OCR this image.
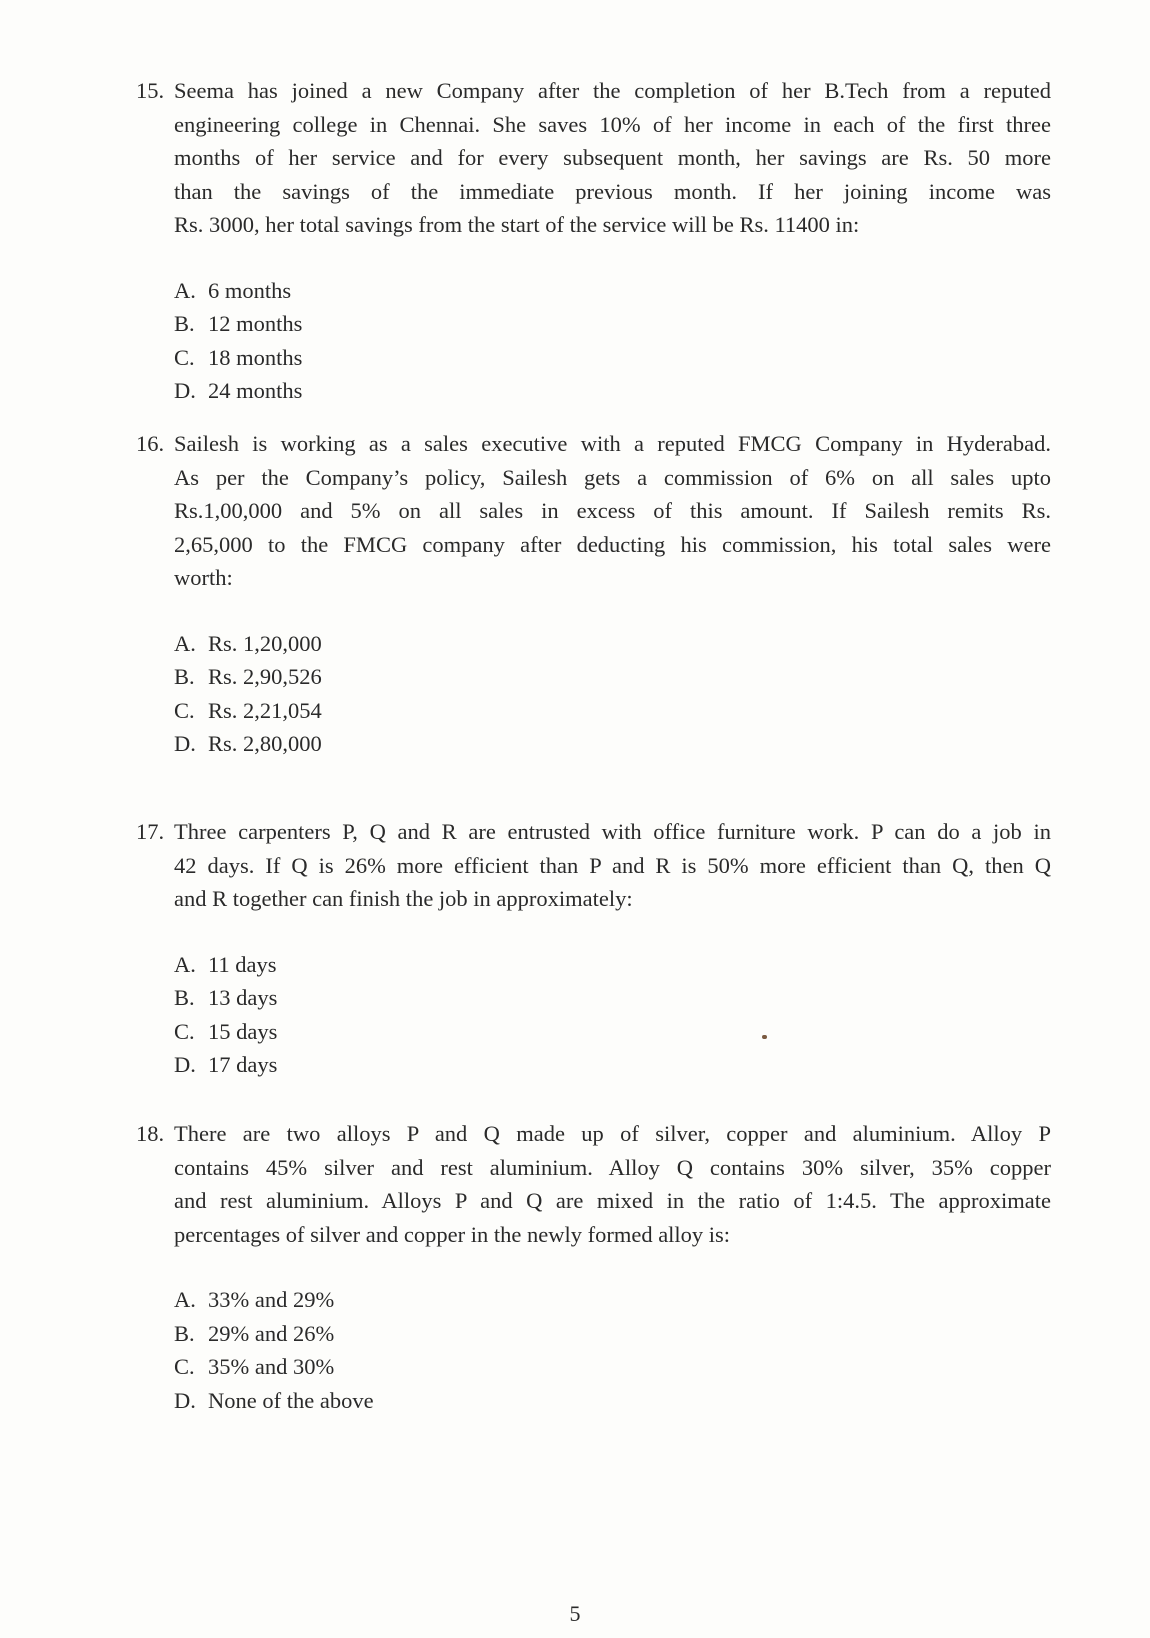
15. Seema has joined a new Company after the completion of her B.Tech from a reputed
engineering college in Chennai. She saves 10% of her income in each of the first three
months of her service and for every subsequent month, her savings are Rs. 50 more
than the savings of the immediate previous month. If her joining income was
Rs. 3000, her total savings from the start of the service will be Rs. 11400 in:
A. 6 months
B. 12 months
C. 18 months
D. 24 months
16. Sailesh is working as a sales executive with a reputed FMCG Company in Hyderabad.
As per the Company’s policy, Sailesh gets a commission of 6% on all sales upto
Rs.1,00,000 and 5% on all sales in excess of this amount. If Sailesh remits Rs.
2,65,000 to the FMCG company after deducting his commission, his total sales were
worth:
A. Rs. 1,20,000
B. Rs. 2,90,526
C. Rs. 2,21,054
D. Rs. 2,80,000
17. Three carpenters P, Q and R are entrusted with office furniture work. P can do a job in
42 days. If Q is 26% more efficient than P and R is 50% more efficient than Q, then Q
and R together can finish the job in approximately:
A. 11 days
B. 13 days
C. 15 days
D. 17 days
18. There are two alloys P and Q made up of silver, copper and aluminium. Alloy P
contains 45% silver and rest aluminium. Alloy Q contains 30% silver, 35% copper
and rest aluminium. Alloys P and Q are mixed in the ratio of 1:4.5. The approximate
percentages of silver and copper in the newly formed alloy is:
A. 33% and 29%
B. 29% and 26%
C. 35% and 30%
D. None of the above
5
